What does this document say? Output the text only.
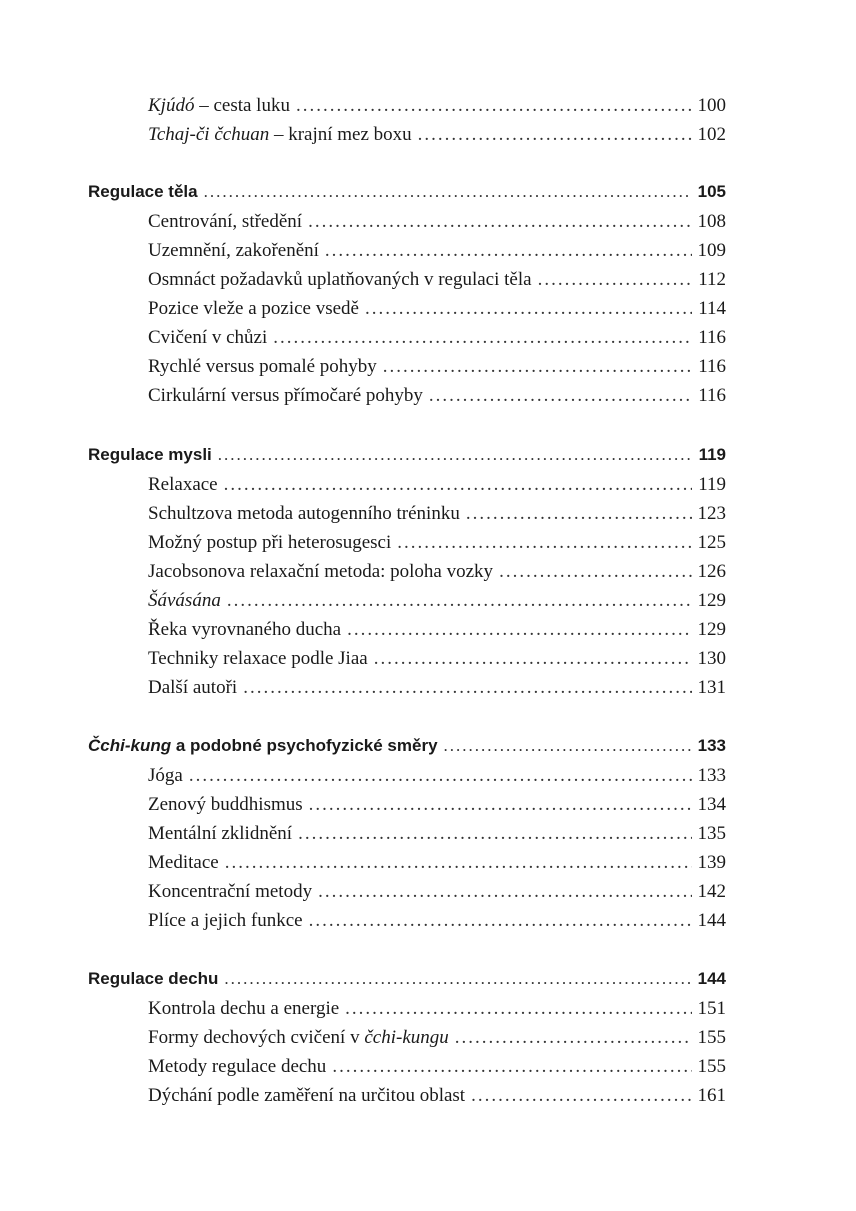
Kjúdó – cesta luku .....	100
Tchaj-či čchuan – krajní mez boxu .....	102
Regulace těla .....	105
Centrování, středění .....	108
Uzemnění, zakořenění .....	109
Osmnáct požadavků uplatňovaných v regulaci těla .....	112
Pozice vleže a pozice vsedě .....	114
Cvičení v chůzi .....	116
Rychlé versus pomalé pohyby .....	116
Cirkulární versus přímočaré pohyby .....	116
Regulace mysli .....	119
Relaxace .....	119
Schultzova metoda autogenního tréninku .....	123
Možný postup při heterosugesci .....	125
Jacobsonova relaxační metoda: poloha vozky .....	126
Šávásána .....	129
Řeka vyrovnaného ducha .....	129
Techniky relaxace podle Jiaa .....	130
Další autoři .....	131
Čchi-kung a podobné psychofyzické směry .....	133
Jóga .....	133
Zenový buddhismus .....	134
Mentální zklidnění .....	135
Meditace .....	139
Koncentrační metody .....	142
Plíce a jejich funkce .....	144
Regulace dechu .....	144
Kontrola dechu a energie .....	151
Formy dechových cvičení v čchi-kungu .....	155
Metody regulace dechu .....	155
Dýchání podle zaměření na určitou oblast .....	161
